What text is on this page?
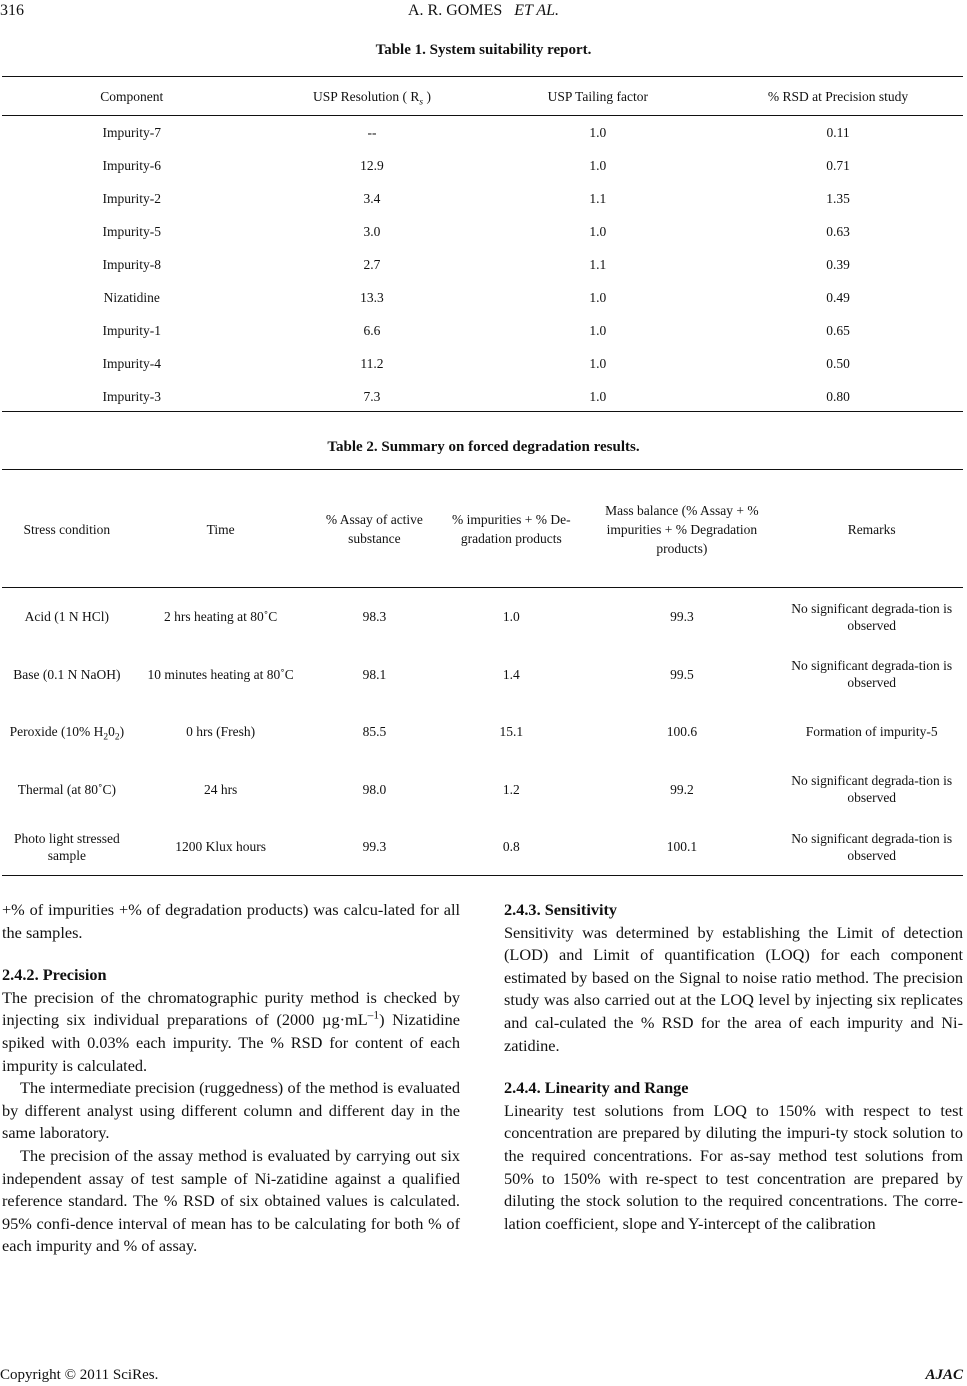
316	A. R. GOMES ET AL.
Table 1. System suitability report.
Component	USP Resolution ( $R_s$ )	USP Tailing factor	% RSD at Precision study
Impurity-7	--	1.0	0.11
Impurity-6	12.9	1.0	0.71
Impurity-2	3.4	1.1	1.35
Impurity-5	3.0	1.0	0.63
Impurity-8	2.7	1.1	0.39
Nizatidine	13.3	1.0	0.49
Impurity-1	6.6	1.0	0.65
Impurity-4	11.2	1.0	0.50
Impurity-3	7.3	1.0	0.80
Table 2. Summary on forced degradation results.
Stress condition	Time	% Assay of active substance	% impurities + % De-gradation products	Mass balance (% Assay + % impurities + % Degradation products)	Remarks
Acid (1 N HCl)	2 hrs heating at 80˚C	98.3	1.0	99.3	No significant degrada-tion is observed
Base (0.1 N NaOH)	10 minutes heating at 80˚C	98.1	1.4	99.5	No significant degrada-tion is observed
Peroxide (10% $H_20_2$)	0 hrs (Fresh)	85.5	15.1	100.6	Formation of impurity-5
Thermal (at 80˚C)	24 hrs	98.0	1.2	99.2	No significant degrada-tion is observed
Photo light stressed sample	1200 Klux hours	99.3	0.8	100.1	No significant degrada-tion is observed

+% of impurities +% of degradation products) was calcu-lated for all the samples.

2.4.2. Precision

The precision of the chromatographic purity method is checked by injecting six individual preparations of (2000 $\mu g\cdot mL^{-1}$) Nizatidine spiked with 0.03% each impurity. The % RSD for content of each impurity is calculated.

The intermediate precision (ruggedness) of the method is evaluated by different analyst using different column and different day in the same laboratory.

The precision of the assay method is evaluated by carrying out six independent assay of test sample of Ni-zatidine against a qualified reference standard. The % RSD of six obtained values is calculated. 95% confi-dence interval of mean has to be calculating for both % of each impurity and % of assay.

2.4.3. Sensitivity

Sensitivity was determined by establishing the Limit of detection (LOD) and Limit of quantification (LOQ) for each component estimated by based on the Signal to noise ratio method. The precision study was also carried out at the LOQ level by injecting six replicates and cal-culated the % RSD for the area of each impurity and Ni-zatidine.

2.4.4. Linearity and Range

Linearity test solutions from LOQ to 150% with respect to test concentration are prepared by diluting the impuri-ty stock solution to the required concentrations. For as-say method test solutions from 50% to 150% with re-spect to test concentration are prepared by diluting the stock solution to the required concentrations. The corre-lation coefficient, slope and Y-intercept of the calibration

Copyright © 2011 SciRes.	AJAC
